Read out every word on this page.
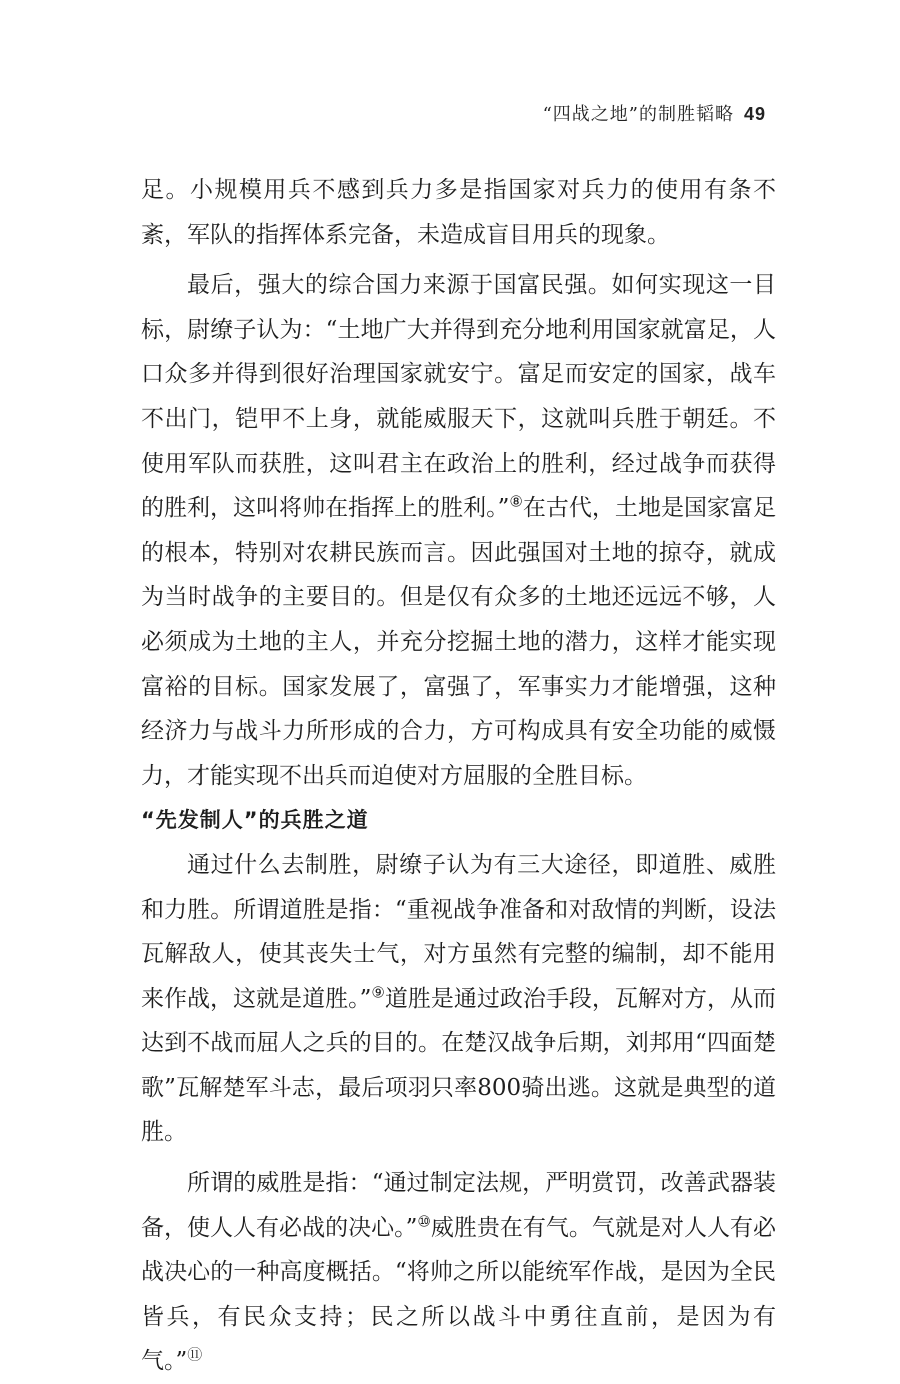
“四战之地”的制胜韬略 49

足。小规模用兵不感到兵力多是指国家对兵力的使用有条不紊，军队的指挥体系完备，未造成盲目用兵的现象。

最后，强大的综合国力来源于国富民强。如何实现这一目标，尉缭子认为：“土地广大并得到充分地利用国家就富足，人口众多并得到很好治理国家就安宁。富足而安定的国家，战车不出门，铠甲不上身，就能威服天下，这就叫兵胜于朝廷。不使用军队而获胜，这叫君主在政治上的胜利，经过战争而获得的胜利，这叫将帅在指挥上的胜利。”⑧在古代，土地是国家富足的根本，特别对农耕民族而言。因此强国对土地的掠夺，就成为当时战争的主要目的。但是仅有众多的土地还远远不够，人必须成为土地的主人，并充分挖掘土地的潜力，这样才能实现富裕的目标。国家发展了，富强了，军事实力才能增强，这种经济力与战斗力所形成的合力，方可构成具有安全功能的威慑力，才能实现不出兵而迫使对方屈服的全胜目标。

“先发制人”的兵胜之道

通过什么去制胜，尉缭子认为有三大途径，即道胜、威胜和力胜。所谓道胜是指：“重视战争准备和对敌情的判断，设法瓦解敌人，使其丧失士气，对方虽然有完整的编制，却不能用来作战，这就是道胜。”⑨道胜是通过政治手段，瓦解对方，从而达到不战而屈人之兵的目的。在楚汉战争后期，刘邦用“四面楚歌”瓦解楚军斗志，最后项羽只率800骑出逃。这就是典型的道胜。

所谓的威胜是指：“通过制定法规，严明赏罚，改善武器装备，使人人有必战的决心。”⑩威胜贵在有气。气就是对人人有必战决心的一种高度概括。“将帅之所以能统军作战，是因为全民皆兵，有民众支持；民之所以战斗中勇往直前，是因为有气。”⑪
